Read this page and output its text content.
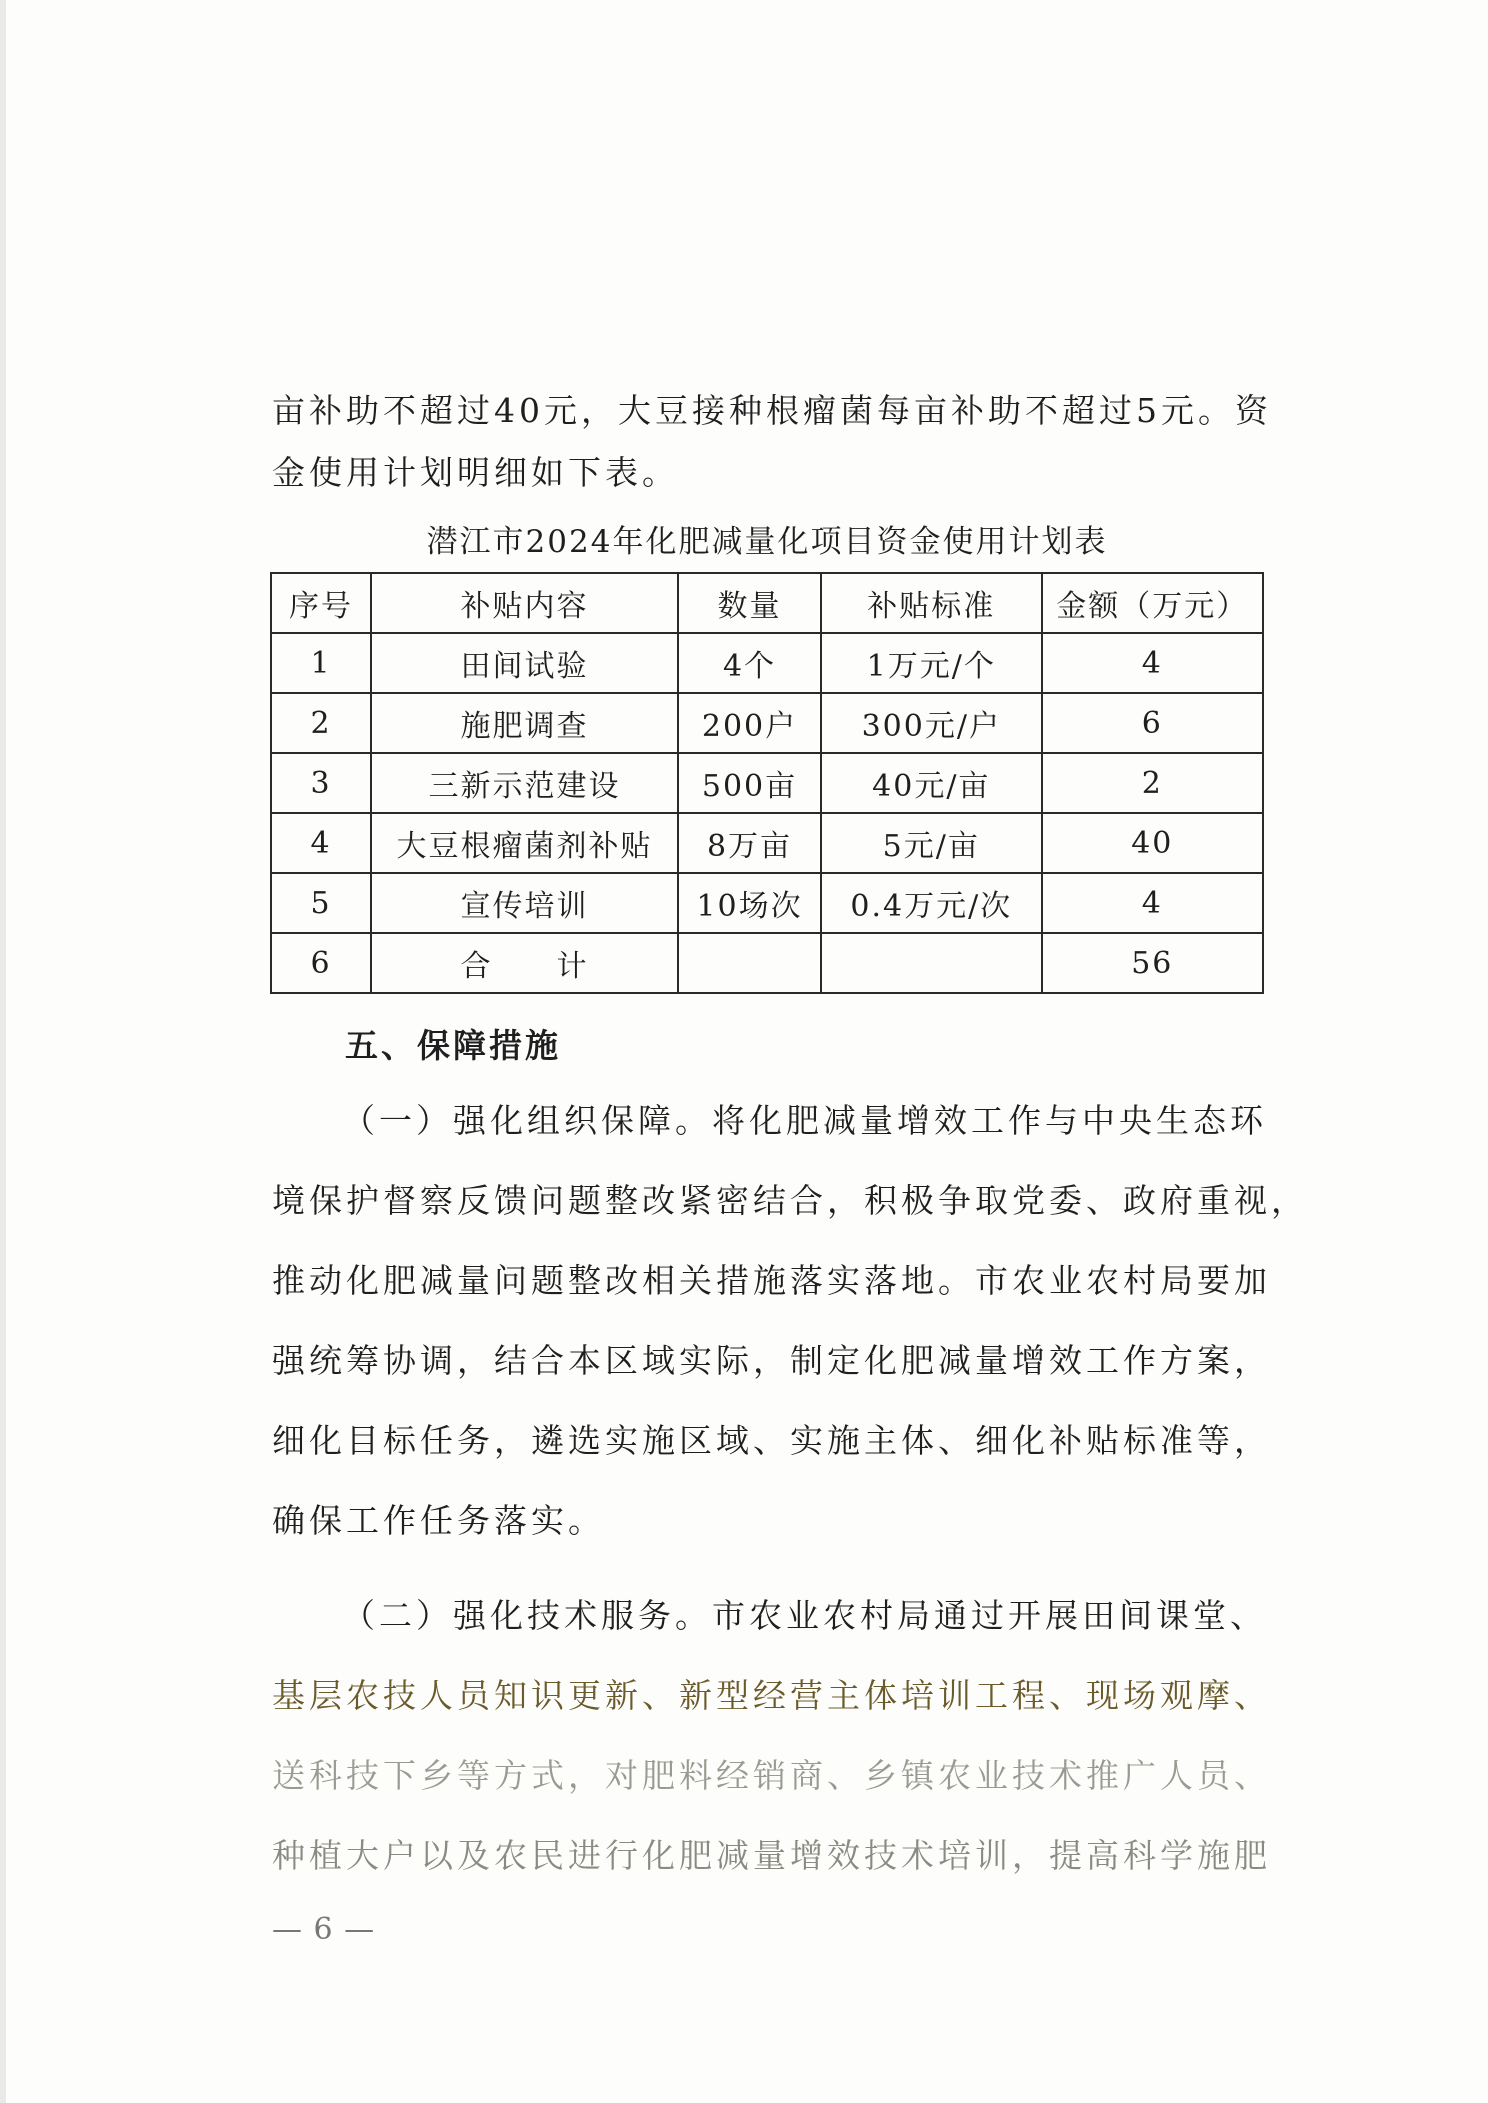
亩补助不超过40元，大豆接种根瘤菌每亩补助不超过5元。资
金使用计划明细如下表。
潜江市2024年化肥减量化项目资金使用计划表
序号	补贴内容	数量	补贴标准	金额（万元）
1	田间试验	4个	1万元/个	4
2	施肥调查	200户	300元/户	6
3	三新示范建设	500亩	40元/亩	2
4	大豆根瘤菌剂补贴	8万亩	5元/亩	40
5	宣传培训	10场次	0.4万元/次	4
6	合　　计			56
五、保障措施
（一）强化组织保障。将化肥减量增效工作与中央生态环
境保护督察反馈问题整改紧密结合，积极争取党委、政府重视，
推动化肥减量问题整改相关措施落实落地。市农业农村局要加
强统筹协调，结合本区域实际，制定化肥减量增效工作方案，
细化目标任务，遴选实施区域、实施主体、细化补贴标准等，
确保工作任务落实。
（二）强化技术服务。市农业农村局通过开展田间课堂、
基层农技人员知识更新、新型经营主体培训工程、现场观摩、
送科技下乡等方式，对肥料经销商、乡镇农业技术推广人员、
种植大户以及农民进行化肥减量增效技术培训，提高科学施肥
— 6 —
